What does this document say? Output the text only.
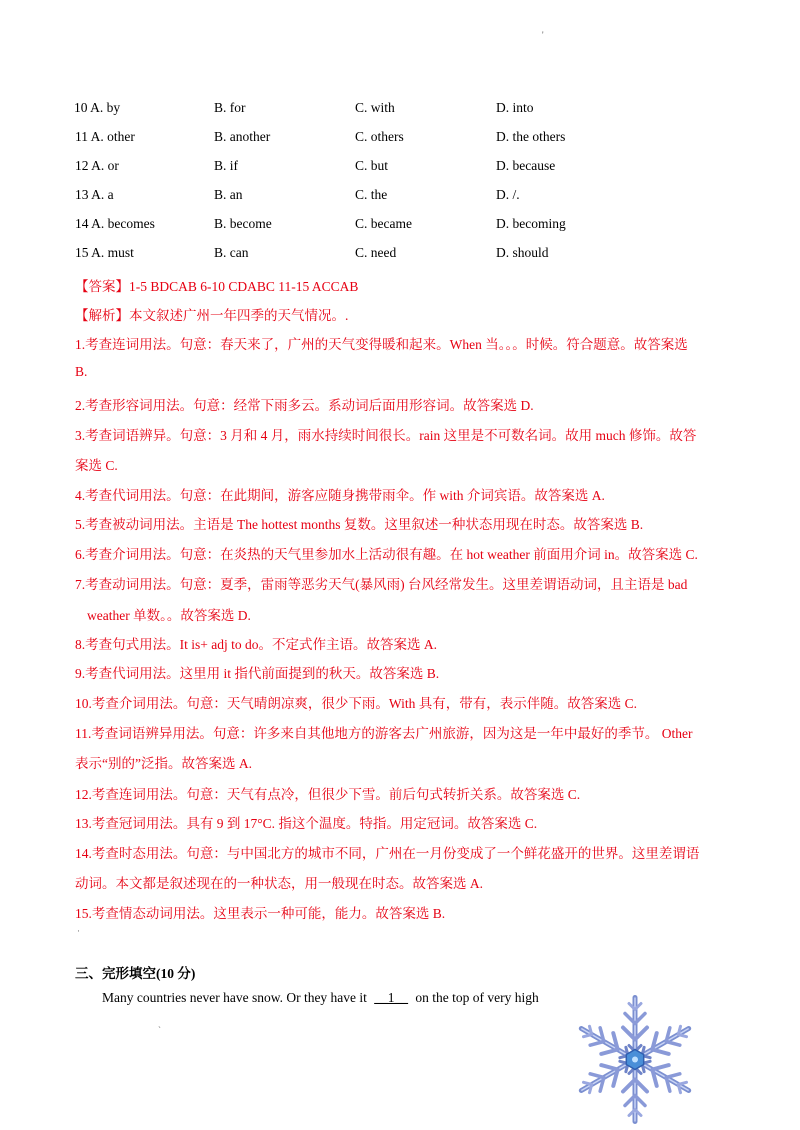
'
10 A. by	B. for	C. with	D. into
11 A. other	B. another	C. others	D. the others
12 A. or	B. if	C. but	D. because
13 A. a	B. an	C. the	D. /.
14 A. becomes	B. become	C. became	D. becoming
15 A. must	B. can	C. need	D. should
【答案】1-5 BDCAB 6-10 CDABC 11-15 ACCAB
【解析】本文叙述广州一年四季的天气情况。.
1.考查连词用法。句意：春天来了，广州的天气变得暖和起来。When 当。。。时候。符合题意。故答案选
B.
2.考查形容词用法。句意：经常下雨多云。系动词后面用形容词。故答案选 D.
3.考查词语辨异。句意：3 月和 4 月，雨水持续时间很长。rain 这里是不可数名词。故用 much 修饰。故答
案选 C.
4.考查代词用法。句意：在此期间，游客应随身携带雨伞。作 with 介词宾语。故答案选 A.
5.考查被动词用法。主语是 The hottest months 复数。这里叙述一种状态用现在时态。故答案选 B.
6.考查介词用法。句意：在炎热的天气里参加水上活动很有趣。在 hot weather 前面用介词 in。故答案选 C.
7.考查动词用法。句意：夏季，雷雨等恶劣天气(暴风雨) 台风经常发生。这里差谓语动词，且主语是 bad
weather 单数。。故答案选 D.
8.考查句式用法。It is+ adj to do。不定式作主语。故答案选 A.
9.考查代词用法。这里用 it 指代前面提到的秋天。故答案选 B.
10.考查介词用法。句意：天气晴朗凉爽，很少下雨。With 具有，带有，表示伴随。故答案选 C.
11.考查词语辨异用法。句意：许多来自其他地方的游客去广州旅游，因为这是一年中最好的季节。 Other
表示“别的”泛指。故答案选 A.
12.考查连词用法。句意：天气有点冷，但很少下雪。前后句式转折关系。故答案选 C.
13.考查冠词用法。具有 9 到 17°C. 指这个温度。特指。用定冠词。故答案选 C.
14.考查时态用法。句意：与中国北方的城市不同，广州在一月份变成了一个鲜花盛开的世界。这里差谓语
动词。本文都是叙述现在的一种状态，用一般现在时态。故答案选 A.
15.考查情态动词用法。这里表示一种可能，能力。故答案选 B.
·
三、完形填空(10 分)
Many countries never have snow. Or they have it __1__ on the top of very high
`
